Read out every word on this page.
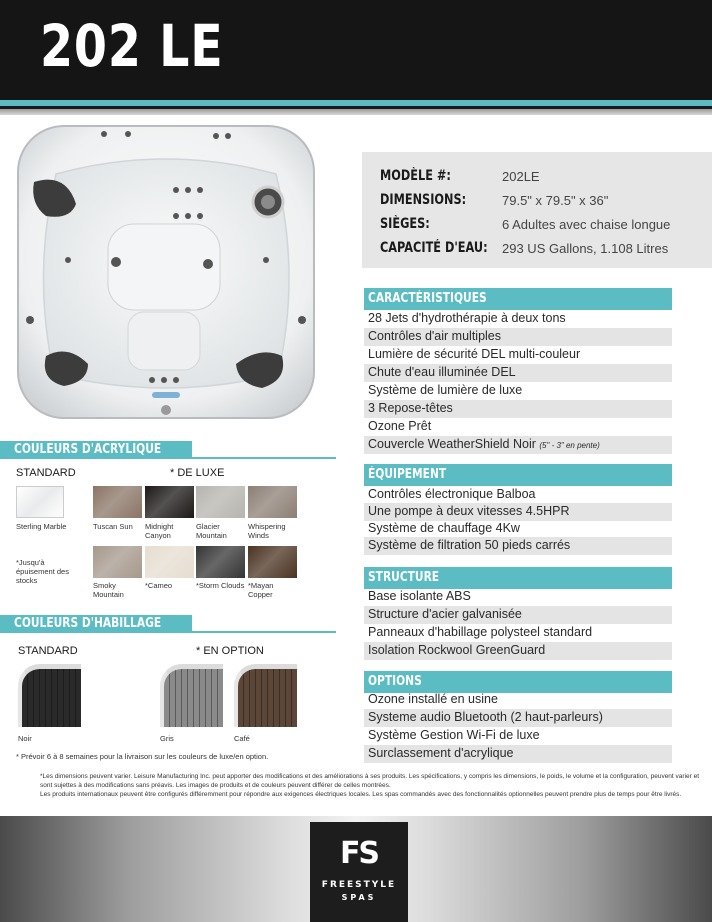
202 LE
MODÈLE #:	202LE
DIMENSIONS:	79.5" x 79.5" x 36"
SIÈGES:	6 Adultes avec chaise longue
CAPACITÉ D'EAU: 293 US Gallons, 1.108 Litres
CARACTÉRISTIQUES
28 Jets d'hydrothérapie à deux tons
Contrôles d'air multiples
Lumière de sécurité DEL multi-couleur
Chute d'eau illuminée DEL
Système de lumière de luxe
3 Repose-têtes
Ozone Prêt
Couvercle WeatherShield Noir (5" - 3" en pente)
ÉQUIPEMENT
Contrôles électronique Balboa
Une pompe à deux vitesses 4.5HPR
Système de chauffage 4Kw
Système de filtration 50 pieds carrés
STRUCTURE
Base isolante ABS
Structure d'acier galvanisée
Panneaux d'habillage polysteel standard
Isolation Rockwool GreenGuard
OPTIONS
Ozone installé en usine
Systeme audio Bluetooth (2 haut-parleurs)
Système Gestion Wi-Fi de luxe
Surclassement d'acrylique
COULEURS D'ACRYLIQUE
STANDARD	* DE LUXE
Sterling Marble	Tuscan Sun	Midnight Canyon
Glacier Mountain
Whispering Winds
*Jusqu'à épuisement des stocks
Smoky Mountain
*Cameo	*Storm Clouds *Mayan Copper
COULEURS D'HABILLAGE
STANDARD	* EN OPTION
Noir	Gris	Café
* Prévoir 6 à 8 semaines pour la livraison sur les couleurs de luxe/en option.
*Les dimensions peuvent varier. Leisure Manufacturing Inc. peut apporter des modifications et des améliorations à ses produits. Les spécifications, y compris les dimensions, le poids, le volume et la configuration, peuvent varier et sont sujettes à des modifications sans préavis. Les images de produits et de couleurs peuvent différer de celles montrées.
Les produits internationaux peuvent être configurés différemment pour répondre aux exigences électriques locales. Les spas commandés avec des fonctionnalités optionnelles peuvent prendre plus de temps pour être livrés.
FS
FREESTYLE
SPAS
